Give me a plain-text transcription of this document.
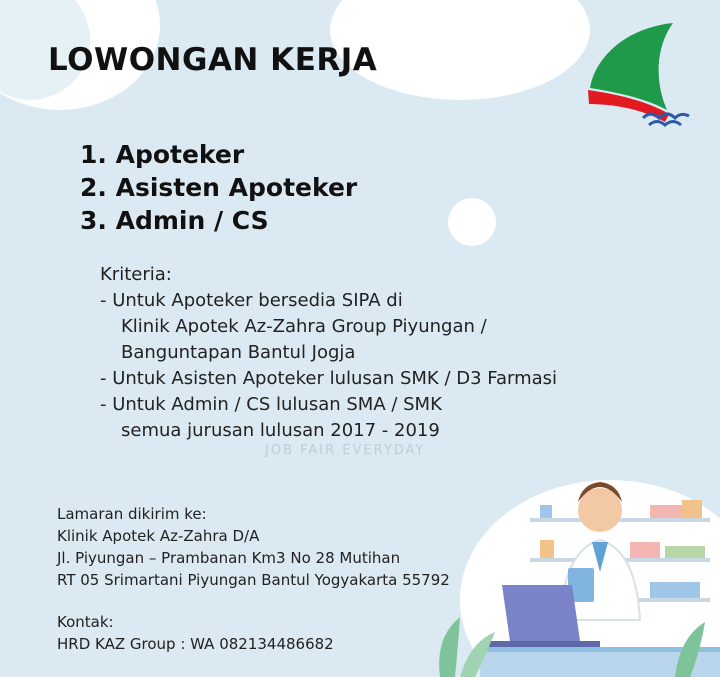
LOWONGAN KERJA
1. Apoteker
2. Asisten Apoteker
3. Admin / CS
JOB FAIR EVERYDAY
Kriteria:
- Untuk Apoteker bersedia SIPA di
Klinik Apotek Az-Zahra Group Piyungan /
Banguntapan Bantul Jogja
- Untuk Asisten Apoteker lulusan SMK / D3 Farmasi
- Untuk Admin / CS lulusan SMA / SMK
semua jurusan lulusan 2017 - 2019
Lamaran dikirim ke:
Klinik Apotek Az-Zahra D/A
Jl. Piyungan – Prambanan Km3 No 28 Mutihan
RT 05 Srimartani Piyungan Bantul Yogyakarta 55792
Kontak:
HRD KAZ Group : WA 082134486682
